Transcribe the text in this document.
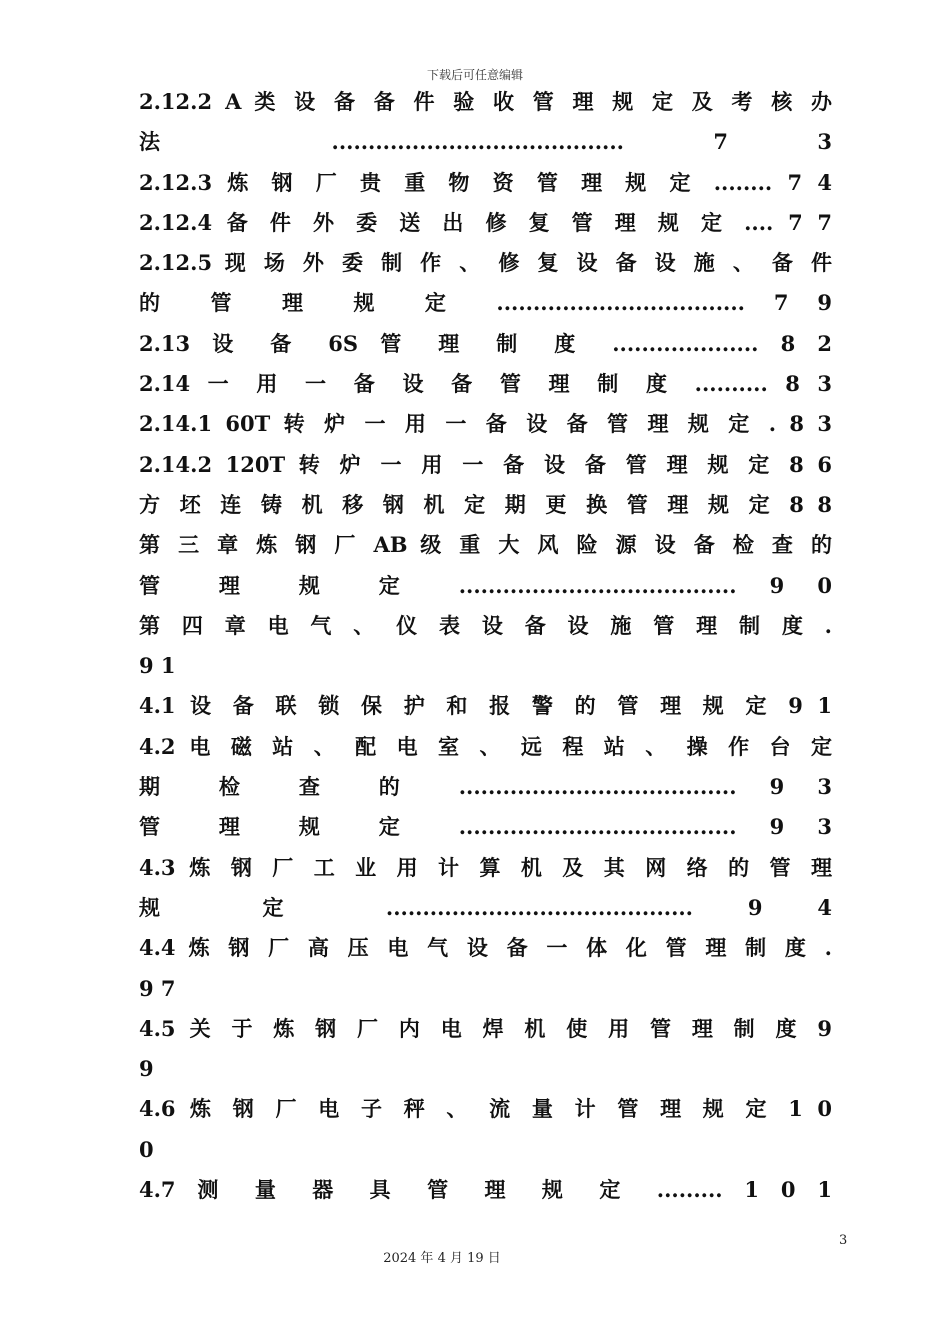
下载后可任意编辑
2.12.2 A 类 设 备 备 件 验 收 管 理 规 定 及 考 核 办
法 ........................................ 7 3
2.12.3 炼 钢 厂 贵 重 物 资 管 理 规 定 ........ 7 4
2.12.4 备 件 外 委 送 出 修 复 管 理 规 定 .... 7 7
2.12.5 现 场 外 委 制 作 、 修 复 设 备 设 施 、 备 件
的 管 理 规 定 .................................. 7 9
2.13 设 备 6S 管 理 制 度 .................... 8 2
2.14 一 用 一 备 设 备 管 理 制 度 .......... 8 3
2.14.1 60T 转 炉 一 用 一 备 设 备 管 理 规 定 . 8 3
2.14.2 120T 转 炉 一 用 一 备 设 备 管 理 规 定 8 6
方 坯 连 铸 机 移 钢 机 定 期 更 换 管 理 规 定 8 8
第 三 章 炼 钢 厂 AB 级 重 大 风 险 源 设 备 检 查 的
管 理 规 定 ...................................... 9 0
第 四 章 电 气 、 仪 表 设 备 设 施 管 理 制 度 .
9 1
4.1 设 备 联 锁 保 护 和 报 警 的 管 理 规 定 9 1
4.2 电 磁 站 、 配 电 室 、 远 程 站 、 操 作 台 定
期 检 查 的 ...................................... 9 3
管 理 规 定 ...................................... 9 3
4.3 炼 钢 厂 工 业 用 计 算 机 及 其 网 络 的 管 理
规 定 .......................................... 9 4
4.4 炼 钢 厂 高 压 电 气 设 备 一 体 化 管 理 制 度 .
9 7
4.5 关 于 炼 钢 厂 内 电 焊 机 使 用 管 理 制 度 9
9
4.6 炼 钢 厂 电 子 秤 、 流 量 计 管 理 规 定 1 0
0
4.7 测 量 器 具 管 理 规 定 ......... 1 0 1
3
2024 年 4 月 19 日
